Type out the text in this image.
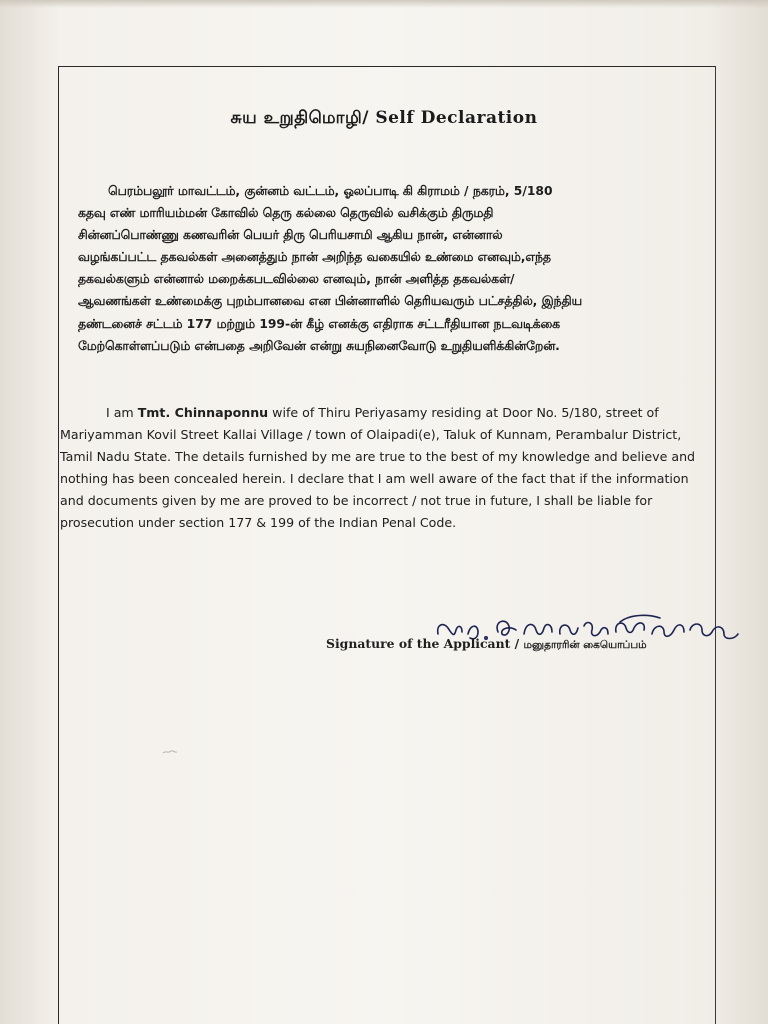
சுய உறுதிமொழி/ Self Declaration
பெரம்பலூர் மாவட்டம், குன்னம் வட்டம், ஓலப்பாடி கி கிராமம் / நகரம், 5/180
கதவு எண் மாரியம்மன் கோவில் தெரு கல்லை தெருவில் வசிக்கும் திருமதி
சின்னப்பொண்ணு கணவரின் பெயர் திரு பெரியசாமி ஆகிய நான், என்னால்
வழங்கப்பட்ட தகவல்கள் அனைத்தும் நான் அறிந்த வகையில் உண்மை எனவும்,எந்த
தகவல்களும் என்னால் மறைக்கபடவில்லை எனவும், நான் அளித்த தகவல்கள்/
ஆவணங்கள் உண்மைக்கு புறம்பானவை என பின்னாளில் தெரியவரும் பட்சத்தில், இந்திய
தண்டனைச் சட்டம் 177 மற்றும் 199-ன் கீழ் எனக்கு எதிராக சட்டரீதியான நடவடிக்கை
மேற்கொள்ளப்படும் என்பதை அறிவேன் என்று சுயநினைவோடு உறுதியளிக்கின்றேன்.
I am Tmt. Chinnaponnu wife of Thiru Periyasamy residing at Door No. 5/180, street of
Mariyamman Kovil Street Kallai Village / town of Olaipadi(e), Taluk of Kunnam, Perambalur District,
Tamil Nadu State. The details furnished by me are true to the best of my knowledge and believe and
nothing has been concealed herein. I declare that I am well aware of the fact that if the information
and documents given by me are proved to be incorrect / not true in future, I shall be liable for
prosecution under section 177 & 199 of the Indian Penal Code.
Signature of the Applicant / மனுதாரரின் கையொப்பம்
